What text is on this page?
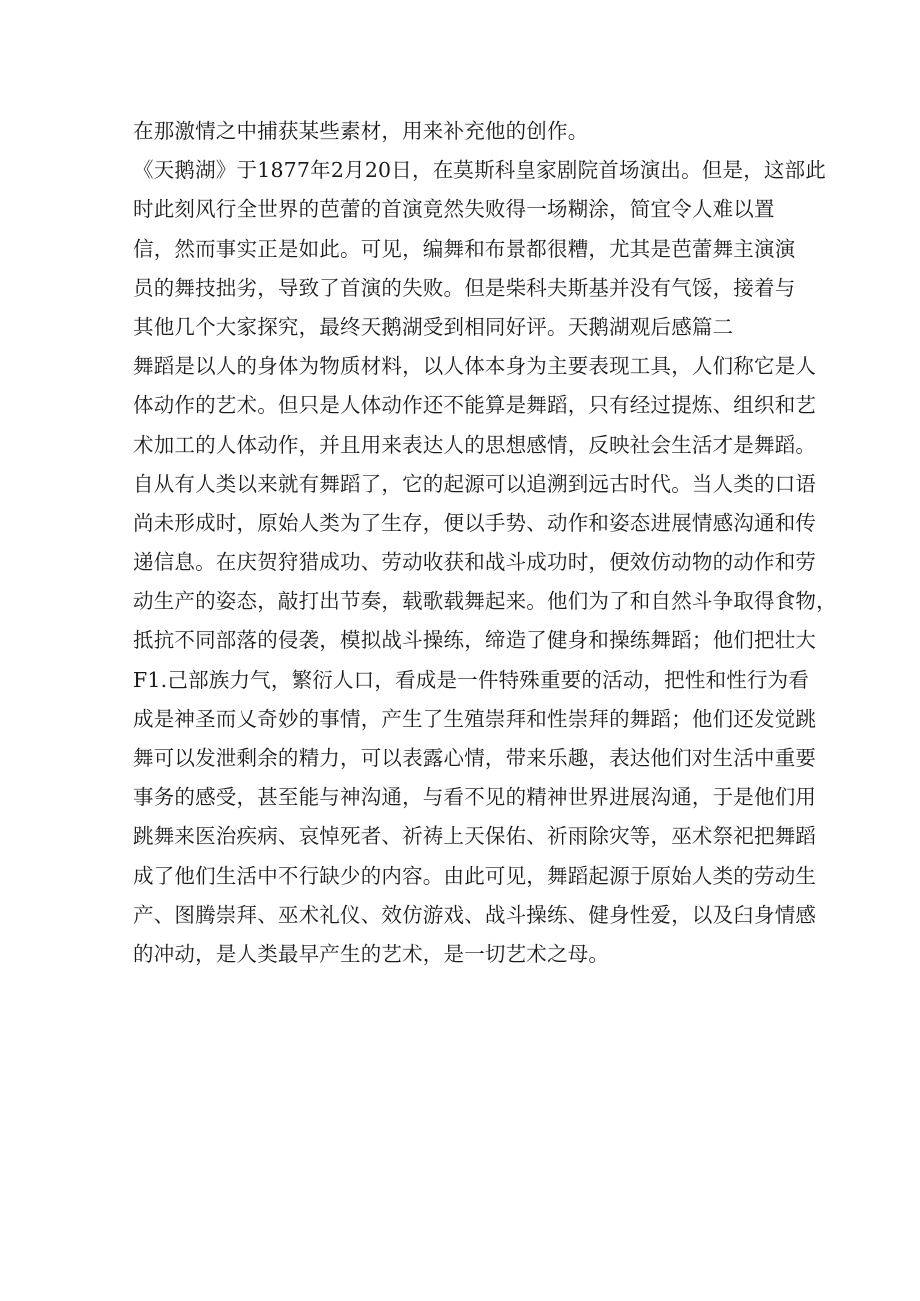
在那激情之中捕获某些素材，用来补充他的创作。
《天鹅湖》于1877年2月20日，在莫斯科皇家剧院首场演出。但是，这部此
时此刻风行全世界的芭蕾的首演竟然失败得一场糊涂，简宜令人难以置
信，然而事实正是如此。可见，编舞和布景都很糟，尤其是芭蕾舞主演演
员的舞技拙劣，导致了首演的失败。但是柴科夫斯基并没有气馁，接着与
其他几个大家探究，最终天鹅湖受到相同好评。天鹅湖观后感篇二
舞蹈是以人的身体为物质材料，以人体本身为主要表现工具，人们称它是人
体动作的艺术。但只是人体动作还不能算是舞蹈，只有经过提炼、组织和艺
术加工的人体动作，并且用来表达人的思想感情，反映社会生活才是舞蹈。
自从有人类以来就有舞蹈了，它的起源可以追溯到远古时代。当人类的口语
尚未形成时，原始人类为了生存，便以手势、动作和姿态进展情感沟通和传
递信息。在庆贺狩猎成功、劳动收获和战斗成功时，便效仿动物的动作和劳
动生产的姿态，敲打出节奏，载歌载舞起来。他们为了和自然斗争取得食物，
抵抗不同部落的侵袭，模拟战斗操练，缔造了健身和操练舞蹈；他们把壮大
F1.己部族力气，繁衍人口，看成是一件特殊重要的活动，把性和性行为看
成是神圣而乂奇妙的事情，产生了生殖崇拜和性崇拜的舞蹈；他们还发觉跳
舞可以发泄剩余的精力，可以表露心情，带来乐趣，表达他们对生活中重要
事务的感受，甚至能与神沟通，与看不见的精神世界进展沟通，于是他们用
跳舞来医治疾病、哀悼死者、祈祷上天保佑、祈雨除灾等，巫术祭祀把舞蹈
成了他们生活中不行缺少的内容。由此可见，舞蹈起源于原始人类的劳动生
产、图腾崇拜、巫术礼仪、效仿游戏、战斗操练、健身性爱，以及臼身情感
的冲动，是人类最早产生的艺术，是一切艺术之母。
